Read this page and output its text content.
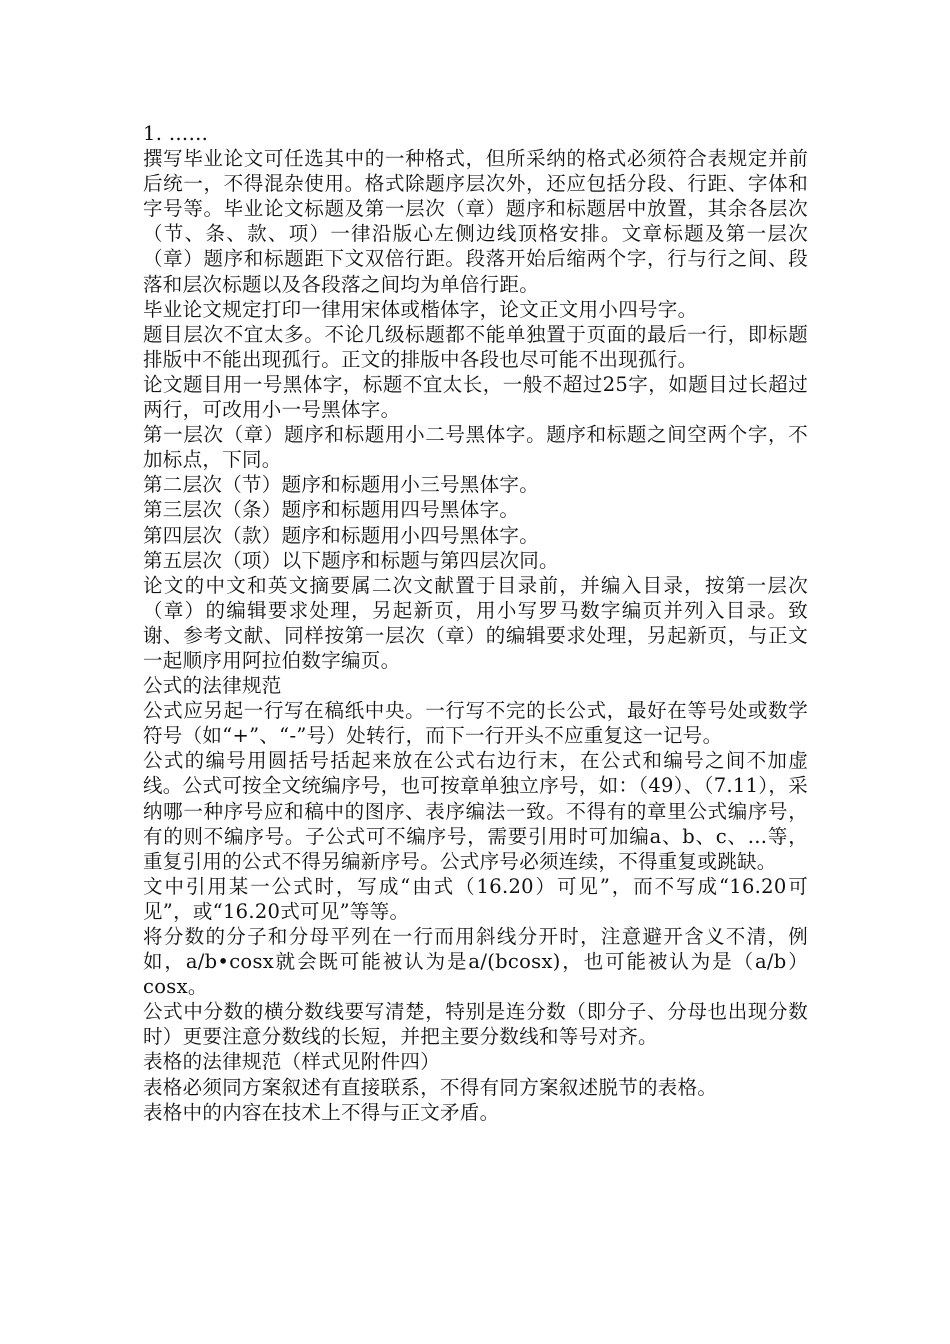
1. ……

撰写毕业论文可任选其中的一种格式，但所采纳的格式必须符合表规定并前后统一，不得混杂使用。格式除题序层次外，还应包括分段、行距、字体和字号等。毕业论文标题及第一层次（章）题序和标题居中放置，其余各层次（节、条、款、项）一律沿版心左侧边线顶格安排。文章标题及第一层次（章）题序和标题距下文双倍行距。段落开始后缩两个字，行与行之间、段落和层次标题以及各段落之间均为单倍行距。

毕业论文规定打印一律用宋体或楷体字，论文正文用小四号字。

题目层次不宜太多。不论几级标题都不能单独置于页面的最后一行，即标题排版中不能出现孤行。正文的排版中各段也尽可能不出现孤行。

论文题目用一号黑体字，标题不宜太长，一般不超过25字，如题目过长超过两行，可改用小一号黑体字。

第一层次（章）题序和标题用小二号黑体字。题序和标题之间空两个字，不加标点，下同。

第二层次（节）题序和标题用小三号黑体字。

第三层次（条）题序和标题用四号黑体字。

第四层次（款）题序和标题用小四号黑体字。

第五层次（项）以下题序和标题与第四层次同。

论文的中文和英文摘要属二次文献置于目录前，并编入目录，按第一层次（章）的编辑要求处理，另起新页，用小写罗马数字编页并列入目录。致谢、参考文献、同样按第一层次（章）的编辑要求处理，另起新页，与正文一起顺序用阿拉伯数字编页。

公式的法律规范

公式应另起一行写在稿纸中央。一行写不完的长公式，最好在等号处或数学符号（如“+”、“-”号）处转行，而下一行开头不应重复这一记号。

公式的编号用圆括号括起来放在公式右边行末，在公式和编号之间不加虚线。公式可按全文统编序号，也可按章单独立序号，如：（49）、（7.11），采纳哪一种序号应和稿中的图序、表序编法一致。不得有的章里公式编序号，有的则不编序号。子公式可不编序号，需要引用时可加编a、b、c、…等，重复引用的公式不得另编新序号。公式序号必须连续，不得重复或跳缺。

文中引用某一公式时，写成“由式（16.20）可见”，而不写成“16.20可见”，或“16.20式可见”等等。

将分数的分子和分母平列在一行而用斜线分开时，注意避开含义不清，例如，a/b•cosx就会既可能被认为是a/(bcosx)，也可能被认为是（a/b）cosx。

公式中分数的横分数线要写清楚，特别是连分数（即分子、分母也出现分数时）更要注意分数线的长短，并把主要分数线和等号对齐。

表格的法律规范（样式见附件四）

表格必须同方案叙述有直接联系，不得有同方案叙述脱节的表格。

表格中的内容在技术上不得与正文矛盾。
